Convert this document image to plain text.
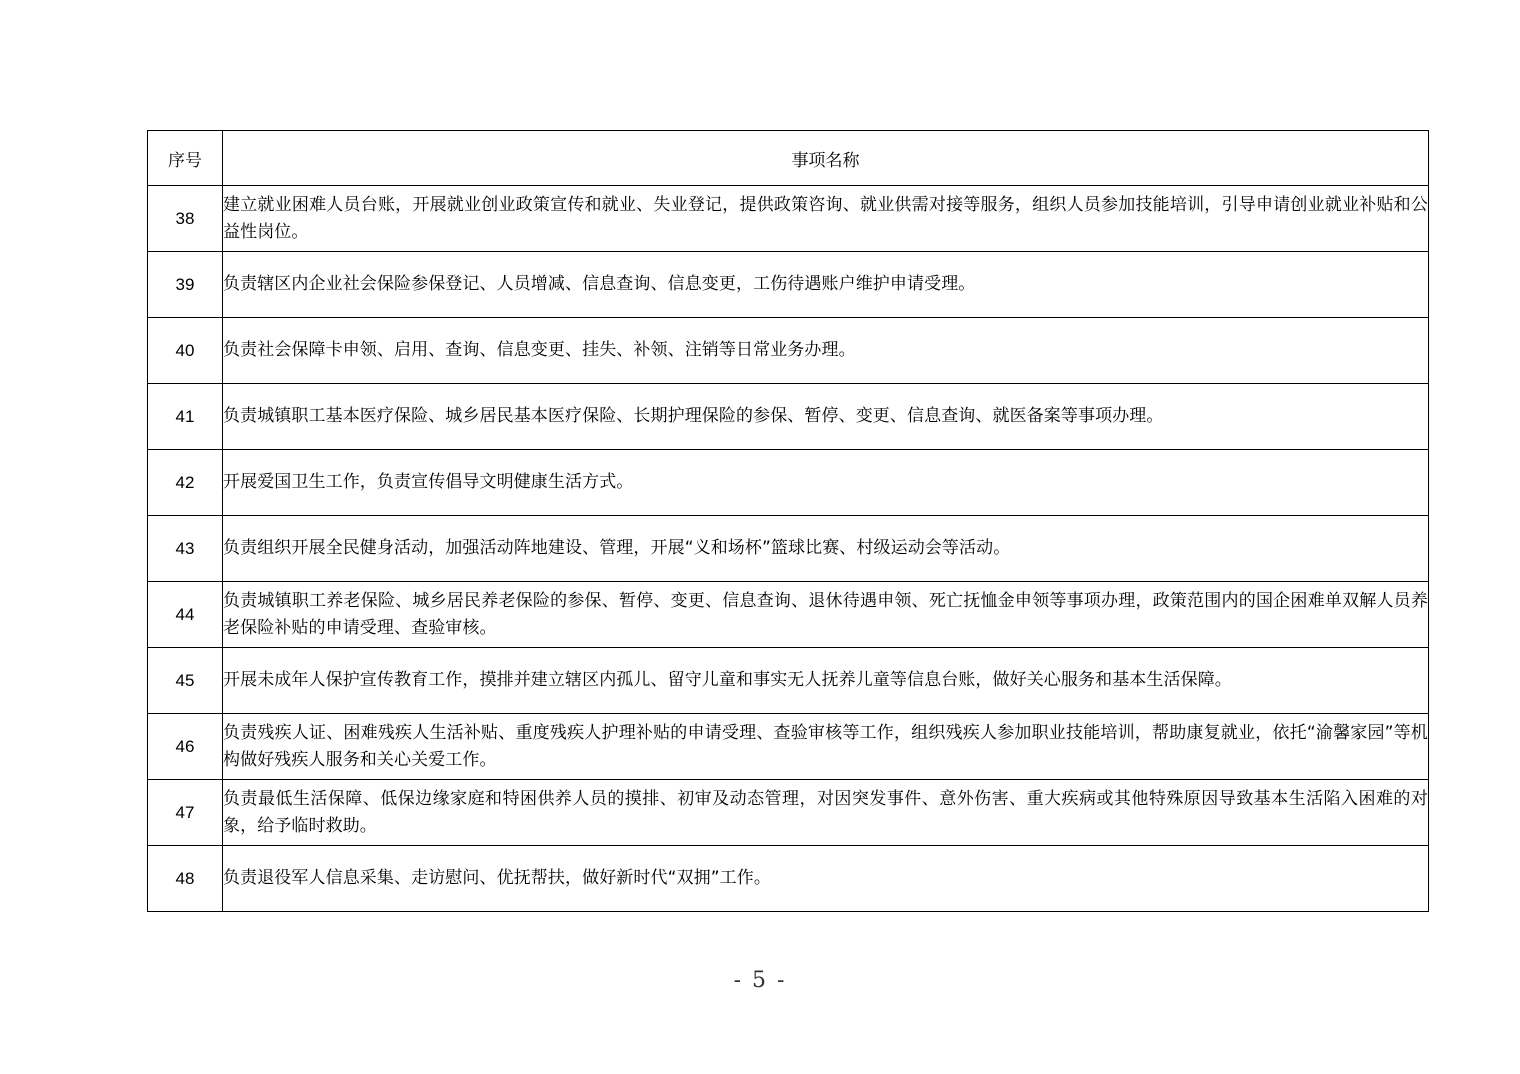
序号	事项名称
38	建立就业困难人员台账，开展就业创业政策宣传和就业、失业登记，提供政策咨询、就业供需对接等服务，组织人员参加技能培训，引导申请创业就业补贴和公益性岗位。
39	负责辖区内企业社会保险参保登记、人员增减、信息查询、信息变更，工伤待遇账户维护申请受理。
40	负责社会保障卡申领、启用、查询、信息变更、挂失、补领、注销等日常业务办理。
41	负责城镇职工基本医疗保险、城乡居民基本医疗保险、长期护理保险的参保、暂停、变更、信息查询、就医备案等事项办理。
42	开展爱国卫生工作，负责宣传倡导文明健康生活方式。
43	负责组织开展全民健身活动，加强活动阵地建设、管理，开展“义和场杯”篮球比赛、村级运动会等活动。
44	负责城镇职工养老保险、城乡居民养老保险的参保、暂停、变更、信息查询、退休待遇申领、死亡抚恤金申领等事项办理，政策范围内的国企困难单双解人员养老保险补贴的申请受理、查验审核。
45	开展未成年人保护宣传教育工作，摸排并建立辖区内孤儿、留守儿童和事实无人抚养儿童等信息台账，做好关心服务和基本生活保障。
46	负责残疾人证、困难残疾人生活补贴、重度残疾人护理补贴的申请受理、查验审核等工作，组织残疾人参加职业技能培训，帮助康复就业，依托“渝馨家园”等机构做好残疾人服务和关心关爱工作。
47	负责最低生活保障、低保边缘家庭和特困供养人员的摸排、初审及动态管理，对因突发事件、意外伤害、重大疾病或其他特殊原因导致基本生活陷入困难的对象，给予临时救助。
48	负责退役军人信息采集、走访慰问、优抚帮扶，做好新时代“双拥”工作。
- 5 -
